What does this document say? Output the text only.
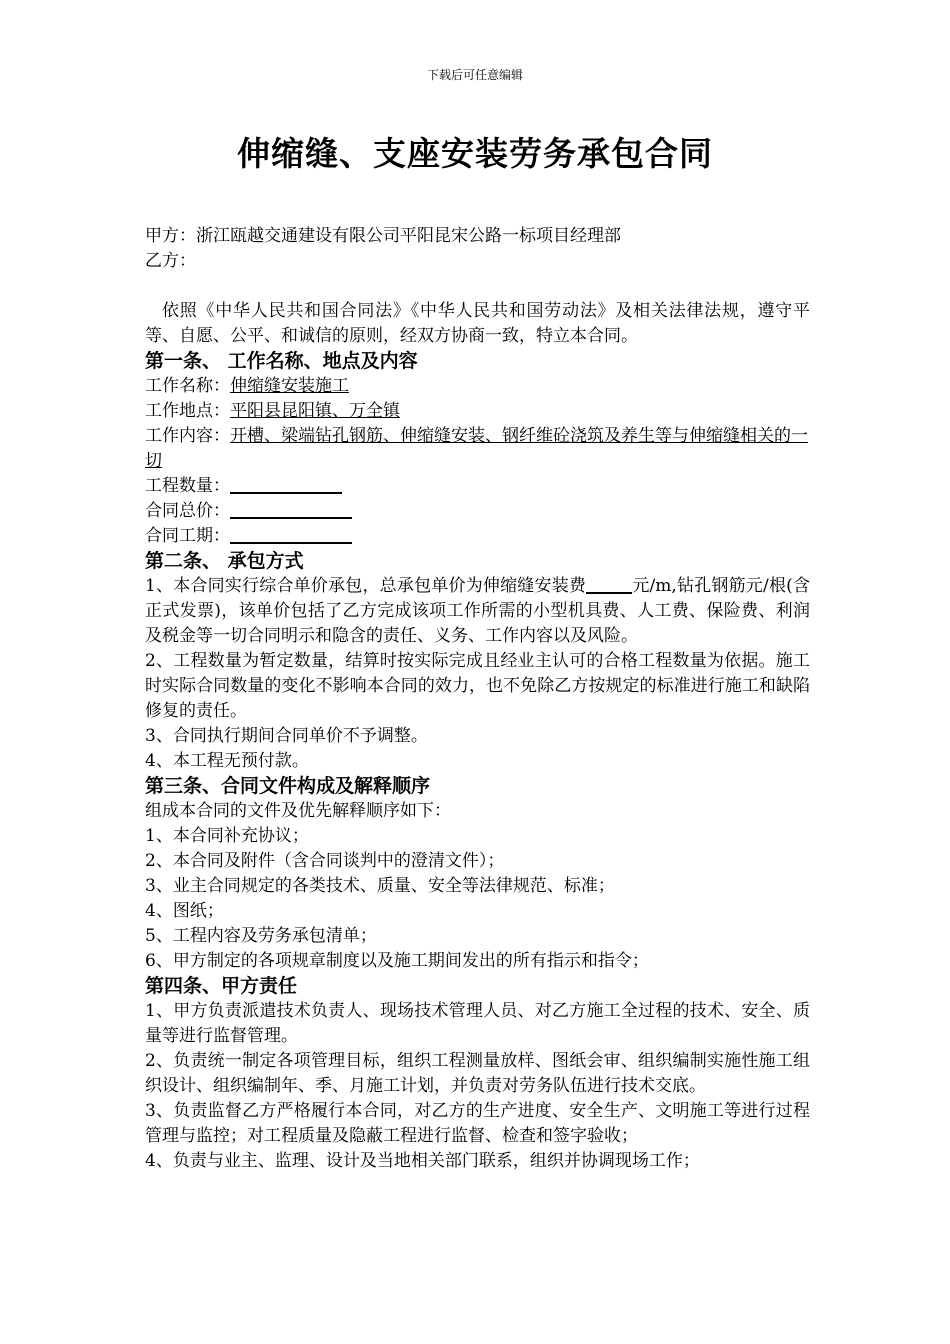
下载后可任意编辑
伸缩缝、支座安装劳务承包合同
甲方：浙江瓯越交通建设有限公司平阳昆宋公路一标项目经理部
乙方：
依照《中华人民共和国合同法》《中华人民共和国劳动法》及相关法律法规，遵守平等、自愿、公平、和诚信的原则，经双方协商一致，特立本合同。
第一条、 工作名称、地点及内容
工作名称：伸缩缝安装施工
工作地点：平阳县昆阳镇、万全镇
工作内容：开槽、梁端钻孔钢筋、伸缩缝安装、钢纤维砼浇筑及养生等与伸缩缝相关的一切
工程数量：
合同总价：
合同工期：
第二条、 承包方式
1、本合同实行综合单价承包，总承包单价为伸缩缝安装费	元/m,钻孔钢筋元/根(含正式发票)，该单价包括了乙方完成该项工作所需的小型机具费、人工费、保险费、利润及税金等一切合同明示和隐含的责任、义务、工作内容以及风险。
2、工程数量为暂定数量，结算时按实际完成且经业主认可的合格工程数量为依据。施工时实际合同数量的变化不影响本合同的效力，也不免除乙方按规定的标准进行施工和缺陷修复的责任。
3、合同执行期间合同单价不予调整。
4、本工程无预付款。
第三条、合同文件构成及解释顺序
组成本合同的文件及优先解释顺序如下：
1、本合同补充协议；
2、本合同及附件（含合同谈判中的澄清文件）；
3、业主合同规定的各类技术、质量、安全等法律规范、标准；
4、图纸；
5、工程内容及劳务承包清单；
6、甲方制定的各项规章制度以及施工期间发出的所有指示和指令；
第四条、甲方责任
1、甲方负责派遣技术负责人、现场技术管理人员、对乙方施工全过程的技术、安全、质量等进行监督管理。
2、负责统一制定各项管理目标，组织工程测量放样、图纸会审、组织编制实施性施工组织设计、组织编制年、季、月施工计划，并负责对劳务队伍进行技术交底。
3、负责监督乙方严格履行本合同，对乙方的生产进度、安全生产、文明施工等进行过程管理与监控；对工程质量及隐蔽工程进行监督、检查和签字验收；
4、负责与业主、监理、设计及当地相关部门联系，组织并协调现场工作；
